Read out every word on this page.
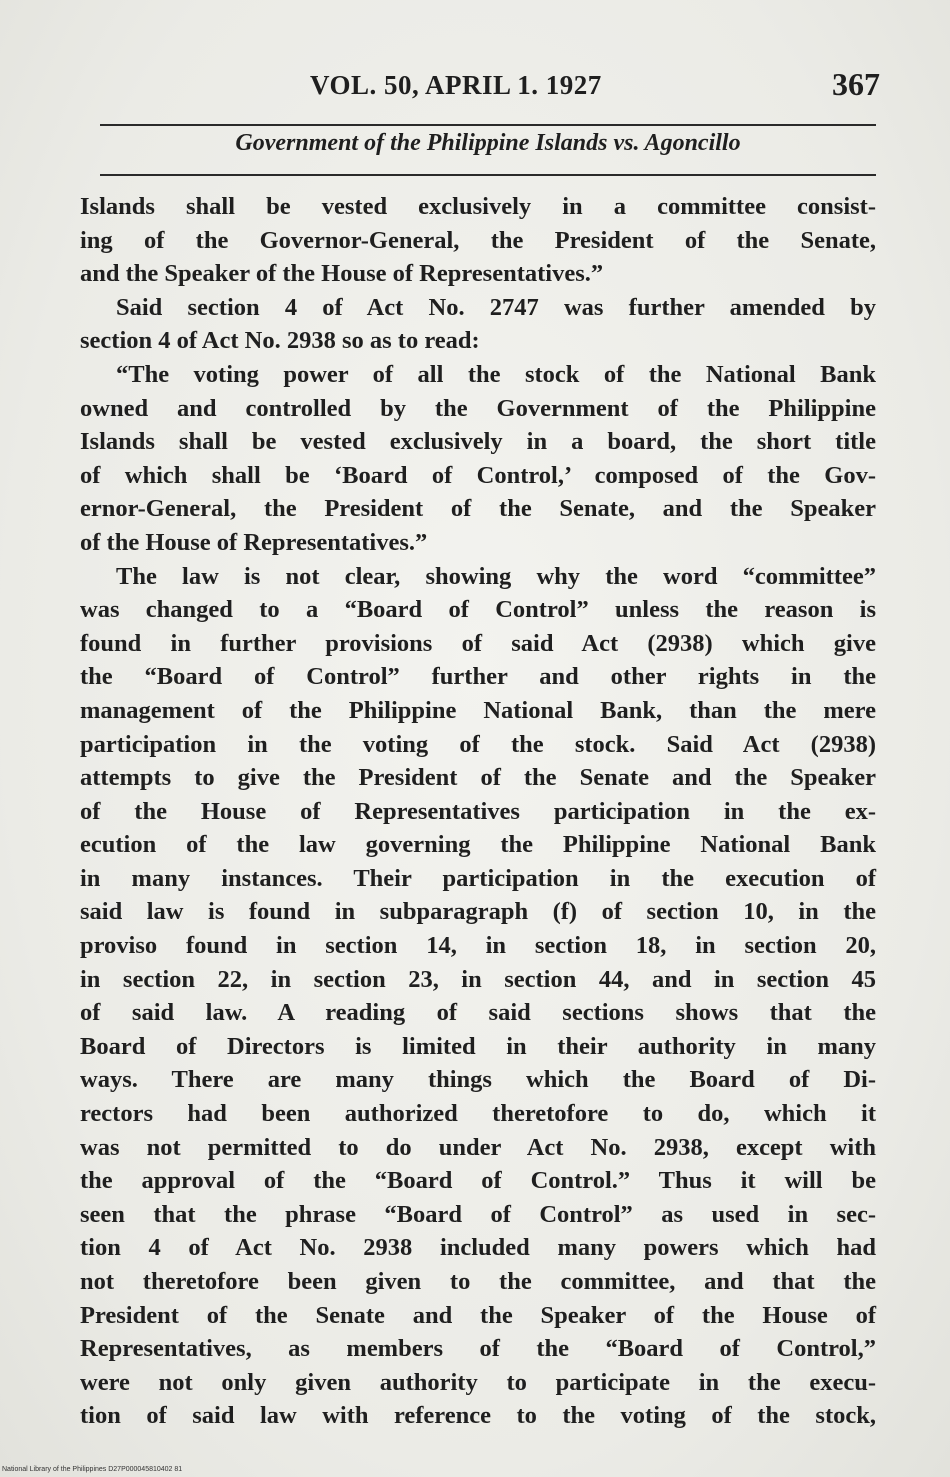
VOL. 50, APRIL 1. 1927	367
Government of the Philippine Islands vs. Agoncillo
Islands shall be vested exclusively in a committee consist-
ing of the Governor-General, the President of the Senate,
and the Speaker of the House of Representatives.”
Said section 4 of Act No. 2747 was further amended by
section 4 of Act No. 2938 so as to read:
“The voting power of all the stock of the National Bank
owned and controlled by the Government of the Philippine
Islands shall be vested exclusively in a board, the short title
of which shall be ‘Board of Control,’ composed of the Gov-
ernor-General, the President of the Senate, and the Speaker
of the House of Representatives.”
The law is not clear, showing why the word “committee”
was changed to a “Board of Control” unless the reason is
found in further provisions of said Act (2938) which give
the “Board of Control” further and other rights in the
management of the Philippine National Bank, than the mere
participation in the voting of the stock. Said Act (2938)
attempts to give the President of the Senate and the Speaker
of the House of Representatives participation in the ex-
ecution of the law governing the Philippine National Bank
in many instances. Their participation in the execution of
said law is found in subparagraph (f) of section 10, in the
proviso found in section 14, in section 18, in section 20,
in section 22, in section 23, in section 44, and in section 45
of said law. A reading of said sections shows that the
Board of Directors is limited in their authority in many
ways. There are many things which the Board of Di-
rectors had been authorized theretofore to do, which it
was not permitted to do under Act No. 2938, except with
the approval of the “Board of Control.” Thus it will be
seen that the phrase “Board of Control” as used in sec-
tion 4 of Act No. 2938 included many powers which had
not theretofore been given to the committee, and that the
President of the Senate and the Speaker of the House of
Representatives, as members of the “Board of Control,”
were not only given authority to participate in the execu-
tion of said law with reference to the voting of the stock,
National Library of the Philippines D27P000045810402 81
